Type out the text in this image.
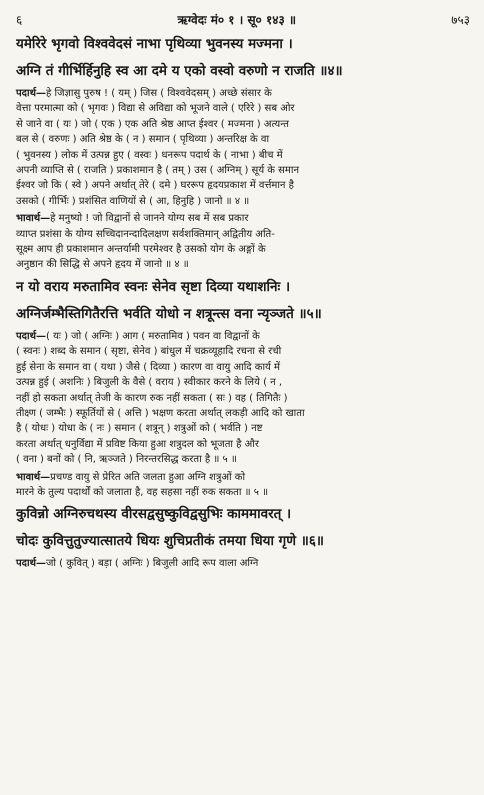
६	ऋग्वेदः मं० १ । सू० १४३ ॥	७५३
यमेरिरे भृगवो विश्ववेदसं नाभा पृथिव्या भुवनस्य मज्मना ।
अग्नि तं गीर्भिर्हिनुहि स्व आ दमे य एको वस्वो वरुणो न राजति ॥४॥
पदार्थ—हे जिज्ञासु पुरुष ! ( यम् ) जिस ( विश्ववेदसम् ) अच्छे संसार के
वेत्ता परमात्मा को ( भृगवः ) विद्या से अविद्या को भूजने वाले ( एरिरे ) सब ओर
से जाने वा ( यः ) जो ( एक ) एक अति श्रेष्ठ आप्त ईश्वर ( मज्मना ) अत्यन्त
बल से ( वरुणः ) अति श्रेष्ठ के ( न ) समान ( पृथिव्या ) अन्तरिक्ष के वा
( भुवनस्य ) लोक में उत्पन्न हुए ( वस्वः ) धनरूप पदार्थ के ( नाभा ) बीच में
अपनी व्याप्ति से ( राजति ) प्रकाशमान है ( तम् ) उस ( अग्निम् ) सूर्य के समान
ईश्वर जो कि ( स्वे ) अपने अर्थात् तेरे ( दमे ) घररूप हृदयप्रकाश में वर्त्तमान है
उसको ( गीर्भिः ) प्रशंसित वाणियों से ( आ, हिनुहि ) जानो ॥ ४ ॥
भावार्थ—हे मनुष्यो ! जो विद्वानों से जानने योग्य सब में सब प्रकार
व्याप्त प्रशंसा के योग्य सच्चिदानन्दादिलक्षण सर्वशक्तिमान् अद्वितीय अति-
सूक्ष्म आप ही प्रकाशमान अन्तर्यामी परमेश्वर है उसको योग के अङ्गों के
अनुष्ठान की सिद्धि से अपने हृदय में जानो ॥ ४ ॥
न यो वराय मरुतामिव स्वनः सेनेव सृष्टा दिव्या यथाशनिः ।
अग्निर्जम्भैस्तिगितैरत्ति भर्वति योधो न शत्रून्त्स वना न्यृञ्जते ॥५॥
पदार्थ—( यः ) जो ( अग्निः ) आग ( मरुतामिव ) पवन वा विद्वानों के
( स्वनः ) शब्द के समान ( सृष्टा, सेनेव ) बांधुल में चक्रव्यूहादि रचना से रची
हुई सेना के समान वा ( यथा ) जैसे ( दिव्या ) कारण वा वायु आदि कार्य में
उत्पन्न हुई ( अशनिः ) बिजुली के वैसे ( वराय ) स्वीकार करने के लिये ( न ,
नहीं हो सकता अर्थात् तेजी के कारण रुक नहीं सकता ( सः ) वह ( तिगितैः )
तीक्ष्ण ( जम्भैः ) स्फूर्तियों से ( अत्ति ) भक्षण करता अर्थात् लकड़ी आदि को खाता
है ( योधः ) योधा के ( नः ) समान ( शत्रून् ) शत्रुओं को ( भर्वति ) नष्ट
करता अर्थात् धनुर्विद्या में प्रविष्ट किया हुआ शत्रुदल को भूजता है और
( वना ) बनों को ( नि, ऋञ्जते ) निरन्तरसिद्ध करता है ॥ ५ ॥
भावार्थ—प्रचण्ड वायु से प्रेरित अति जलता हुआ अग्नि शत्रुओं को
मारने के तुल्य पदार्थों को जलाता है, वह सहसा नहीं रुक सकता ॥ ५ ॥
कुविन्नो अग्निरुचथस्य वीरसद्वसुष्कुविद्वसुभिः काममावरत् ।
चोदः कुवित्तुतुज्यात्सातये धियः शुचिप्रतीकं तमया धिया गृणे ॥६॥
पदार्थ—जो ( कुवित् ) बड़ा ( अग्निः ) बिजुली आदि रूप वाला अग्नि
